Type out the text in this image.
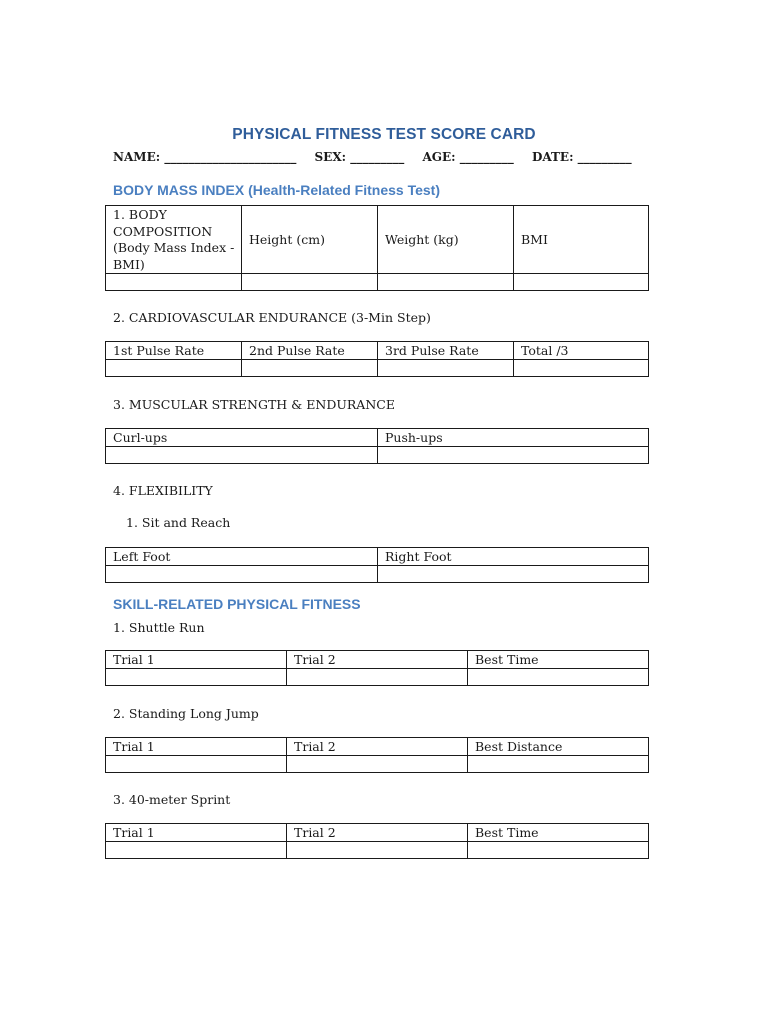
PHYSICAL FITNESS TEST SCORE CARD
NAME: ______________________ SEX: _________ AGE: _________ DATE: _________
BODY MASS INDEX (Health-Related Fitness Test)
1. BODY COMPOSITION (Body Mass Index - BMI)	Height (cm)	Weight (kg)	BMI

2. CARDIOVASCULAR ENDURANCE (3-Min Step)
1st Pulse Rate	2nd Pulse Rate	3rd Pulse Rate	Total /3

3. MUSCULAR STRENGTH & ENDURANCE
Curl-ups	Push-ups

4. FLEXIBILITY
1. Sit and Reach
Left Foot	Right Foot

SKILL-RELATED PHYSICAL FITNESS
1. Shuttle Run
Trial 1	Trial 2	Best Time

2. Standing Long Jump
Trial 1	Trial 2	Best Distance

3. 40-meter Sprint
Trial 1	Trial 2	Best Time
